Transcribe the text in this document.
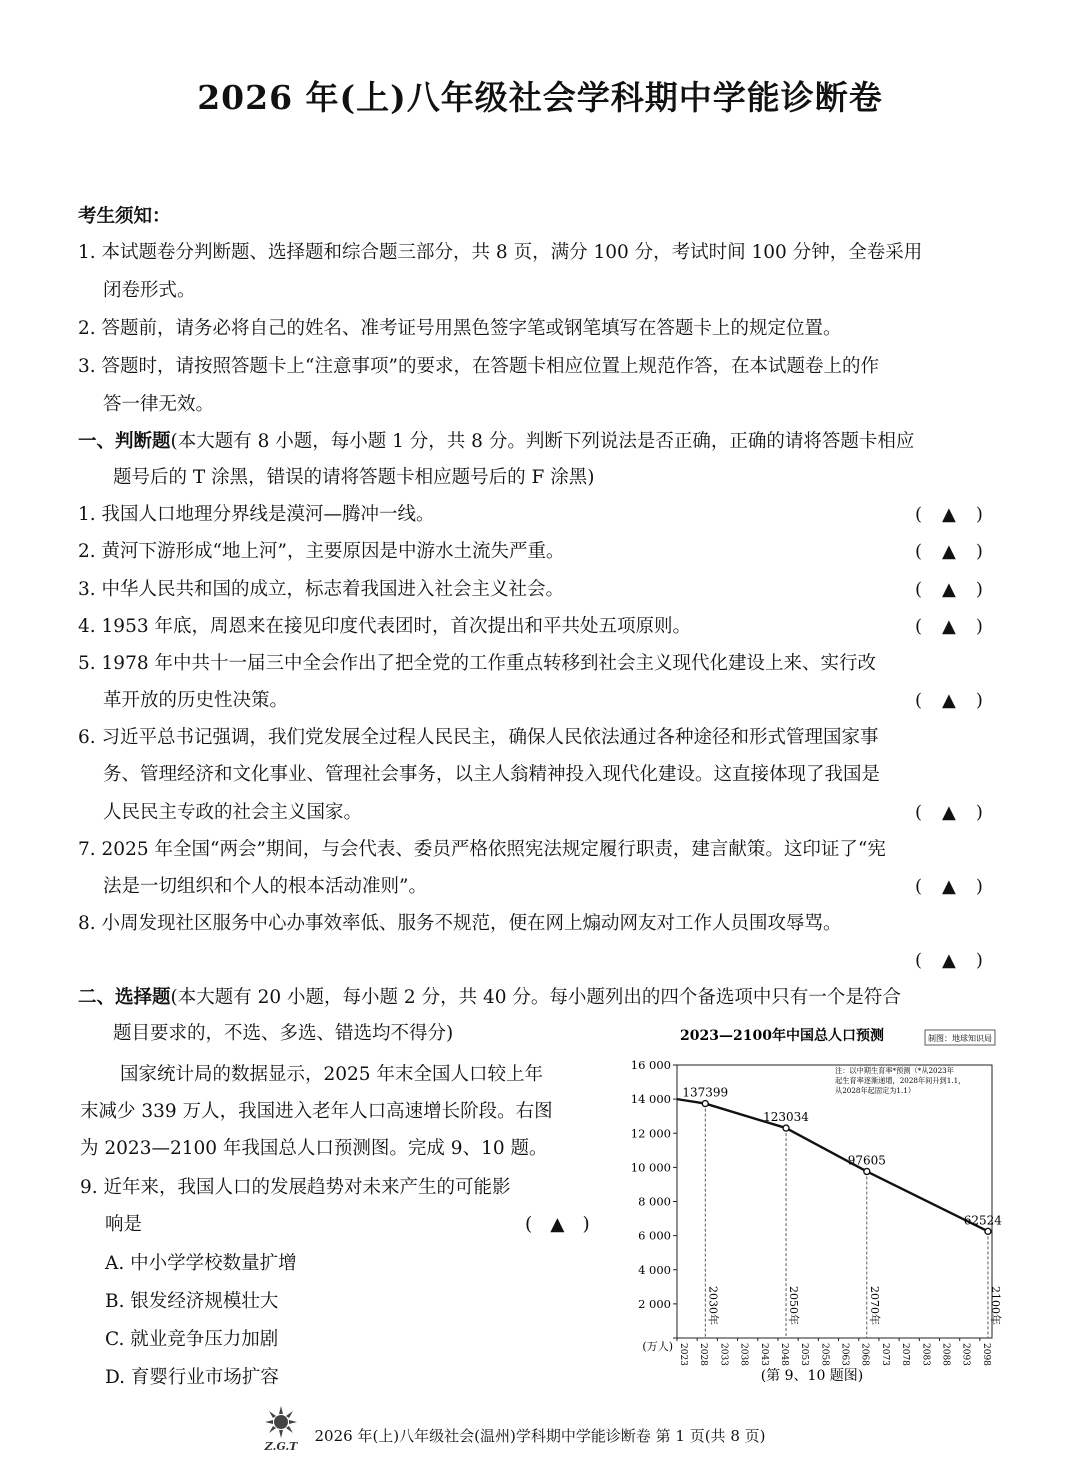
2026 年(上)八年级社会学科期中学能诊断卷
考生须知：
1. 本试题卷分判断题、选择题和综合题三部分，共 8 页，满分 100 分，考试时间 100 分钟，全卷采用
闭卷形式。
2. 答题前，请务必将自己的姓名、准考证号用黑色签字笔或钢笔填写在答题卡上的规定位置。
3. 答题时，请按照答题卡上“注意事项”的要求，在答题卡相应位置上规范作答，在本试题卷上的作
答一律无效。
一、判断题(本大题有 8 小题，每小题 1 分，共 8 分。判断下列说法是否正确，正确的请将答题卡相应
题号后的 T 涂黑，错误的请将答题卡相应题号后的 F 涂黑)
1. 我国人口地理分界线是漠河—腾冲一线。
2. 黄河下游形成“地上河”，主要原因是中游水土流失严重。
3. 中华人民共和国的成立，标志着我国进入社会主义社会。
4. 1953 年底，周恩来在接见印度代表团时，首次提出和平共处五项原则。
5. 1978 年中共十一届三中全会作出了把全党的工作重点转移到社会主义现代化建设上来、实行改
革开放的历史性决策。
6. 习近平总书记强调，我们党发展全过程人民民主，确保人民依法通过各种途径和形式管理国家事
务、管理经济和文化事业、管理社会事务，以主人翁精神投入现代化建设。这直接体现了我国是
人民民主专政的社会主义国家。
7. 2025 年全国“两会”期间，与会代表、委员严格依照宪法规定履行职责，建言献策。这印证了“宪
法是一切组织和个人的根本活动准则”。
8. 小周发现社区服务中心办事效率低、服务不规范，便在网上煽动网友对工作人员围攻辱骂。
( ▲ )
( ▲ )
( ▲ )
( ▲ )
( ▲ )
( ▲ )
( ▲ )
( ▲ )
二、选择题(本大题有 20 小题，每小题 2 分，共 40 分。每小题列出的四个备选项中只有一个是符合
题目要求的，不选、多选、错选均不得分)
国家统计局的数据显示，2025 年末全国人口较上年
末减少 339 万人，我国进入老年人口高速增长阶段。右图
为 2023—2100 年我国总人口预测图。完成 9、10 题。
9. 近年来，我国人口的发展趋势对未来产生的可能影
响是	( ▲ )
A. 中小学学校数量扩增
B. 银发经济规模壮大
C. 就业竞争压力加剧
D. 育婴行业市场扩容
2023—2100年中国总人口预测	制图：地球知识局
注：以中期生育率*预测（*从2023年起生育率逐渐递增，2028年间升到1.1，从2028年起固定为1.1）
16 000
14 000
12 000
10 000
8 000
6 000
4 000
2 000
(万人) 2023 2028 2033 2038 2043 2048 2053 2058 2063 2068 2073 2078 2083 2088 2093 2098
137399
2030年
123034
2050年
97605
2070年
62524
2100年
(第 9、10 题图)
Z.G.T
2026 年(上)八年级社会(温州)学科期中学能诊断卷 第 1 页(共 8 页)
